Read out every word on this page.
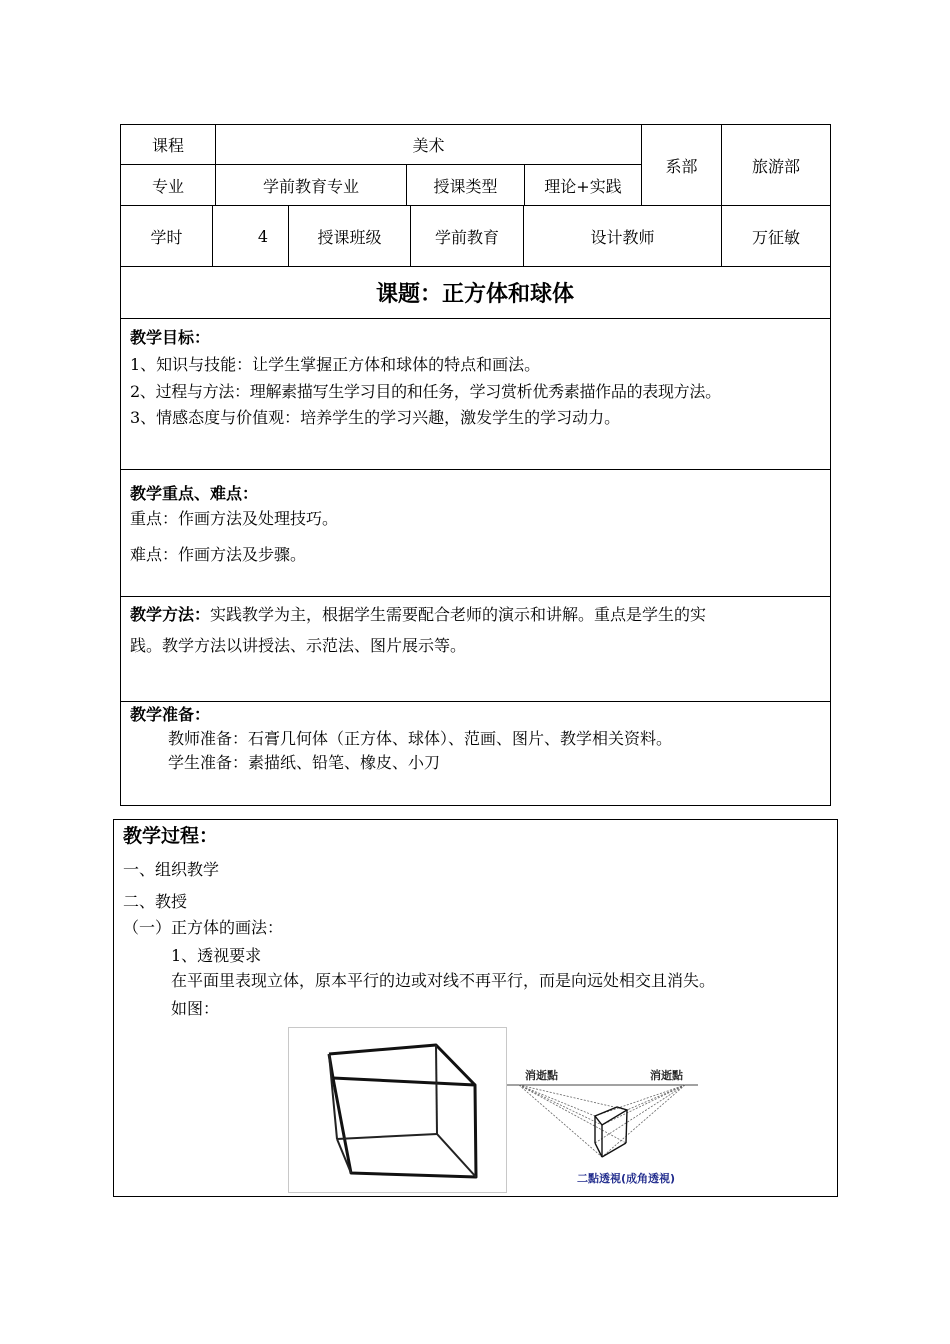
课程	美术
系部	旅游部
专业	学前教育专业	授课类型	理论+实践
学时	4	授课班级	学前教育	设计教师	万征敏
课题：正方体和球体
教学目标：
1、知识与技能：让学生掌握正方体和球体的特点和画法。
2、过程与方法：理解素描写生学习目的和任务，学习赏析优秀素描作品的表现方法。
3、情感态度与价值观：培养学生的学习兴趣，激发学生的学习动力。
教学重点、难点：
重点：作画方法及处理技巧。
难点：作画方法及步骤。
教学方法：实践教学为主，根据学生需要配合老师的演示和讲解。重点是学生的实
践。教学方法以讲授法、示范法、图片展示等。
教学准备：
教师准备：石膏几何体（正方体、球体）、范画、图片、教学相关资料。
学生准备：素描纸、铅笔、橡皮、小刀
教学过程：
一、组织教学
二、教授
（一）正方体的画法：
1、透视要求
在平面里表现立体，原本平行的边或对线不再平行，而是向远处相交且消失。
如图：
消逝點	消逝點
二點透視(成角透視)
